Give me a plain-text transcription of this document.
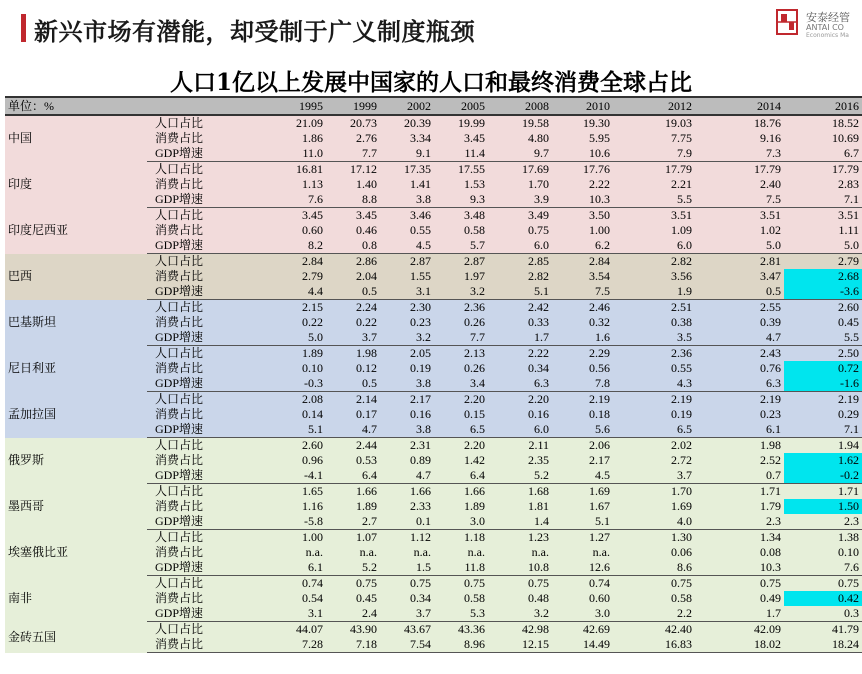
新兴市场有潜能，却受制于广义制度瓶颈
安泰经管
ANTAI CO
Economics Ma
人口1亿以上发展中国家的人口和最终消费全球占比
单位：%		1995	1999	2002	2005	2008	2010	2012	2014	2016
中国	人口占比	21.09	20.73	20.39	19.99	19.58	19.30	19.03	18.76	18.52
	消费占比	1.86	2.76	3.34	3.45	4.80	5.95	7.75	9.16	10.69
	GDP增速	11.0	7.7	9.1	11.4	9.7	10.6	7.9	7.3	6.7
印度	人口占比	16.81	17.12	17.35	17.55	17.69	17.76	17.79	17.79	17.79
	消费占比	1.13	1.40	1.41	1.53	1.70	2.22	2.21	2.40	2.83
	GDP增速	7.6	8.8	3.8	9.3	3.9	10.3	5.5	7.5	7.1
印度尼西亚	人口占比	3.45	3.45	3.46	3.48	3.49	3.50	3.51	3.51	3.51
	消费占比	0.60	0.46	0.55	0.58	0.75	1.00	1.09	1.02	1.11
	GDP增速	8.2	0.8	4.5	5.7	6.0	6.2	6.0	5.0	5.0
巴西	人口占比	2.84	2.86	2.87	2.87	2.85	2.84	2.82	2.81	2.79
	消费占比	2.79	2.04	1.55	1.97	2.82	3.54	3.56	3.47	2.68
	GDP增速	4.4	0.5	3.1	3.2	5.1	7.5	1.9	0.5	-3.6
巴基斯坦	人口占比	2.15	2.24	2.30	2.36	2.42	2.46	2.51	2.55	2.60
	消费占比	0.22	0.22	0.23	0.26	0.33	0.32	0.38	0.39	0.45
	GDP增速	5.0	3.7	3.2	7.7	1.7	1.6	3.5	4.7	5.5
尼日利亚	人口占比	1.89	1.98	2.05	2.13	2.22	2.29	2.36	2.43	2.50
	消费占比	0.10	0.12	0.19	0.26	0.34	0.56	0.55	0.76	0.72
	GDP增速	-0.3	0.5	3.8	3.4	6.3	7.8	4.3	6.3	-1.6
孟加拉国	人口占比	2.08	2.14	2.17	2.20	2.20	2.19	2.19	2.19	2.19
	消费占比	0.14	0.17	0.16	0.15	0.16	0.18	0.19	0.23	0.29
	GDP增速	5.1	4.7	3.8	6.5	6.0	5.6	6.5	6.1	7.1
俄罗斯	人口占比	2.60	2.44	2.31	2.20	2.11	2.06	2.02	1.98	1.94
	消费占比	0.96	0.53	0.89	1.42	2.35	2.17	2.72	2.52	1.62
	GDP增速	-4.1	6.4	4.7	6.4	5.2	4.5	3.7	0.7	-0.2
墨西哥	人口占比	1.65	1.66	1.66	1.66	1.68	1.69	1.70	1.71	1.71
	消费占比	1.16	1.89	2.33	1.89	1.81	1.67	1.69	1.79	1.50
	GDP增速	-5.8	2.7	0.1	3.0	1.4	5.1	4.0	2.3	2.3
埃塞俄比亚	人口占比	1.00	1.07	1.12	1.18	1.23	1.27	1.30	1.34	1.38
	消费占比	n.a.	n.a.	n.a.	n.a.	n.a.	n.a.	0.06	0.08	0.10
	GDP增速	6.1	5.2	1.5	11.8	10.8	12.6	8.6	10.3	7.6
南非	人口占比	0.74	0.75	0.75	0.75	0.75	0.74	0.75	0.75	0.75
	消费占比	0.54	0.45	0.34	0.58	0.48	0.60	0.58	0.49	0.42
	GDP增速	3.1	2.4	3.7	5.3	3.2	3.0	2.2	1.7	0.3
金砖五国	人口占比	44.07	43.90	43.67	43.36	42.98	42.69	42.40	42.09	41.79
	消费占比	7.28	7.18	7.54	8.96	12.15	14.49	16.83	18.02	18.24
